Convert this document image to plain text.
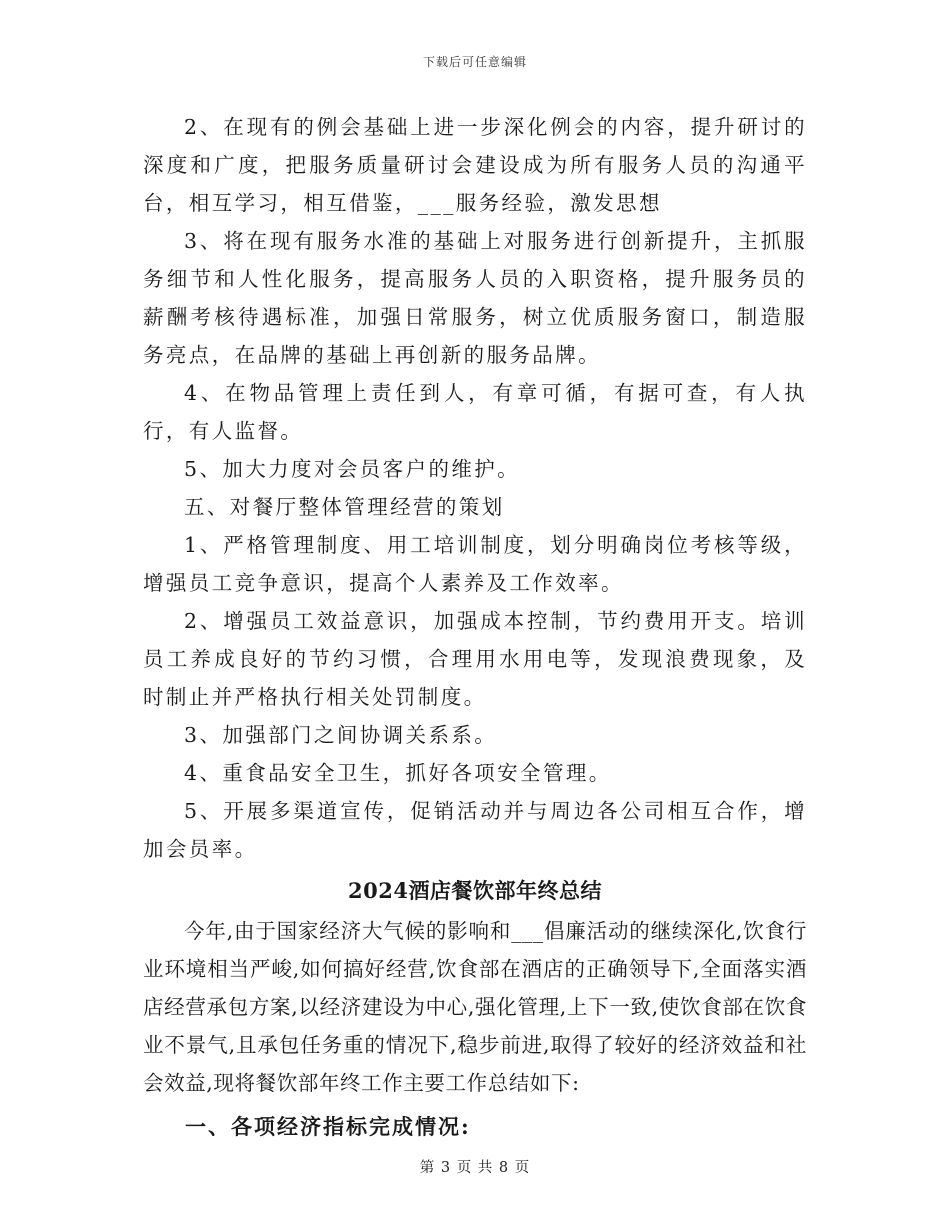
下载后可任意编辑

2、在现有的例会基础上进一步深化例会的内容，提升研讨的深度和广度，把服务质量研讨会建设成为所有服务人员的沟通平台，相互学习，相互借鉴，___服务经验，激发思想

3、将在现有服务水准的基础上对服务进行创新提升，主抓服务细节和人性化服务，提高服务人员的入职资格，提升服务员的薪酬考核待遇标准，加强日常服务，树立优质服务窗口，制造服务亮点，在品牌的基础上再创新的服务品牌。

4、在物品管理上责任到人，有章可循，有据可查，有人执行，有人监督。

5、加大力度对会员客户的维护。

五、对餐厅整体管理经营的策划

1、严格管理制度、用工培训制度，划分明确岗位考核等级，增强员工竞争意识，提高个人素养及工作效率。

2、增强员工效益意识，加强成本控制，节约费用开支。培训员工养成良好的节约习惯，合理用水用电等，发现浪费现象，及时制止并严格执行相关处罚制度。

3、加强部门之间协调关系系。

4、重食品安全卫生，抓好各项安全管理。

5、开展多渠道宣传，促销活动并与周边各公司相互合作，增加会员率。

2024酒店餐饮部年终总结

今年,由于国家经济大气候的影响和___倡廉活动的继续深化,饮食行业环境相当严峻,如何搞好经营,饮食部在酒店的正确领导下,全面落实酒店经营承包方案,以经济建设为中心,强化管理,上下一致,使饮食部在饮食业不景气,且承包任务重的情况下,稳步前进,取得了较好的经济效益和社会效益,现将餐饮部年终工作主要工作总结如下:

一、各项经济指标完成情况:
第 3 页 共 8 页
